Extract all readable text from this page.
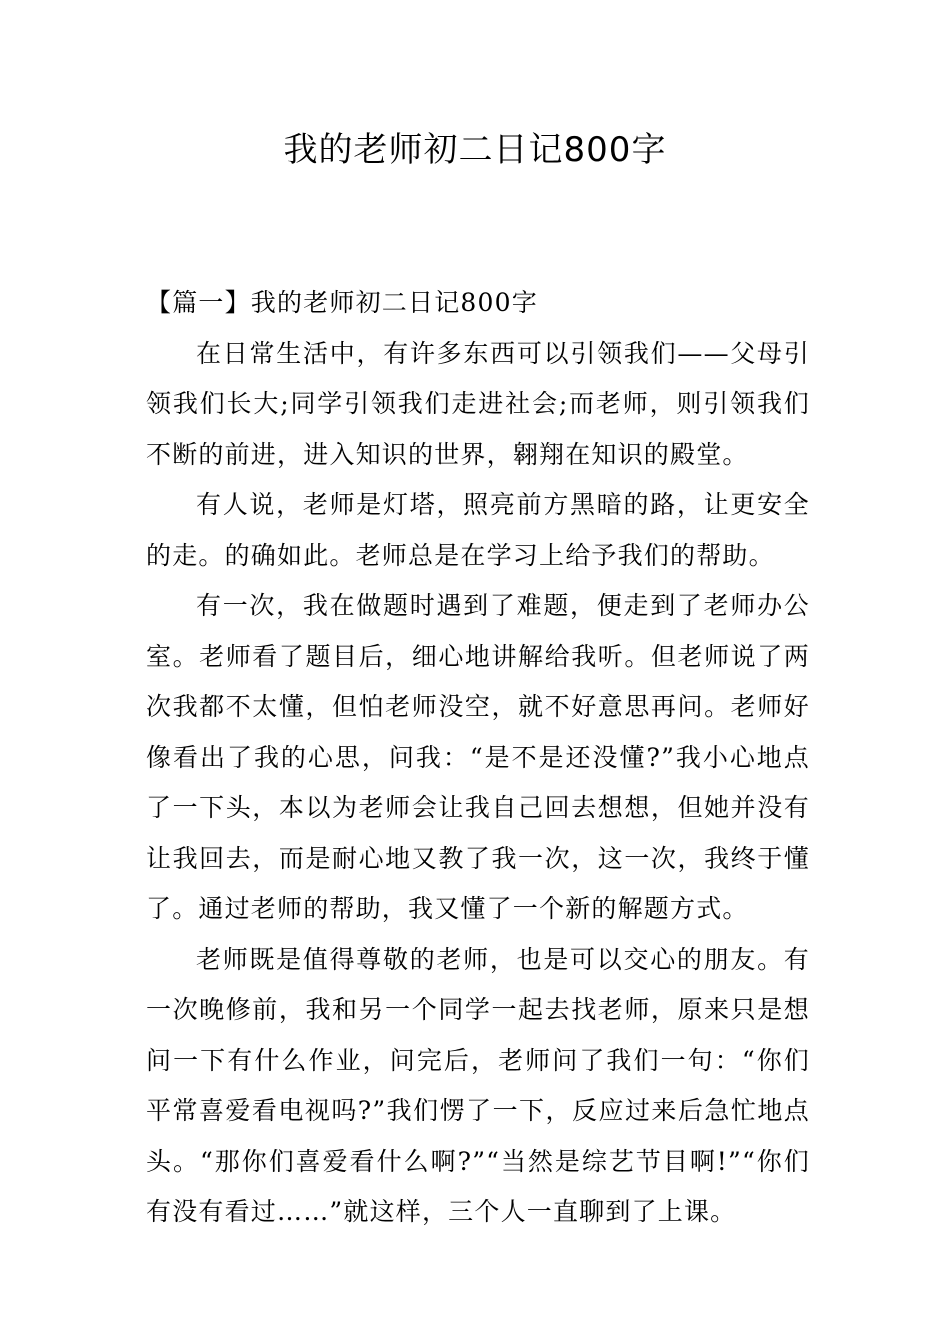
我的老师初二日记800字

【篇一】我的老师初二日记800字

在日常生活中，有许多东西可以引领我们——父母引领我们长大;同学引领我们走进社会;而老师，则引领我们不断的前进，进入知识的世界，翱翔在知识的殿堂。

有人说，老师是灯塔，照亮前方黑暗的路，让更安全的走。的确如此。老师总是在学习上给予我们的帮助。

有一次，我在做题时遇到了难题，便走到了老师办公室。老师看了题目后，细心地讲解给我听。但老师说了两次我都不太懂，但怕老师没空，就不好意思再问。老师好像看出了我的心思，问我：“是不是还没懂?”我小心地点了一下头，本以为老师会让我自己回去想想，但她并没有让我回去，而是耐心地又教了我一次，这一次，我终于懂了。通过老师的帮助，我又懂了一个新的解题方式。

老师既是值得尊敬的老师，也是可以交心的朋友。有一次晚修前，我和另一个同学一起去找老师，原来只是想问一下有什么作业，问完后，老师问了我们一句：“你们平常喜爱看电视吗?”我们愣了一下，反应过来后急忙地点头。“那你们喜爱看什么啊?”“当然是综艺节目啊!”“你们有没有看过……”就这样，三个人一直聊到了上课。
